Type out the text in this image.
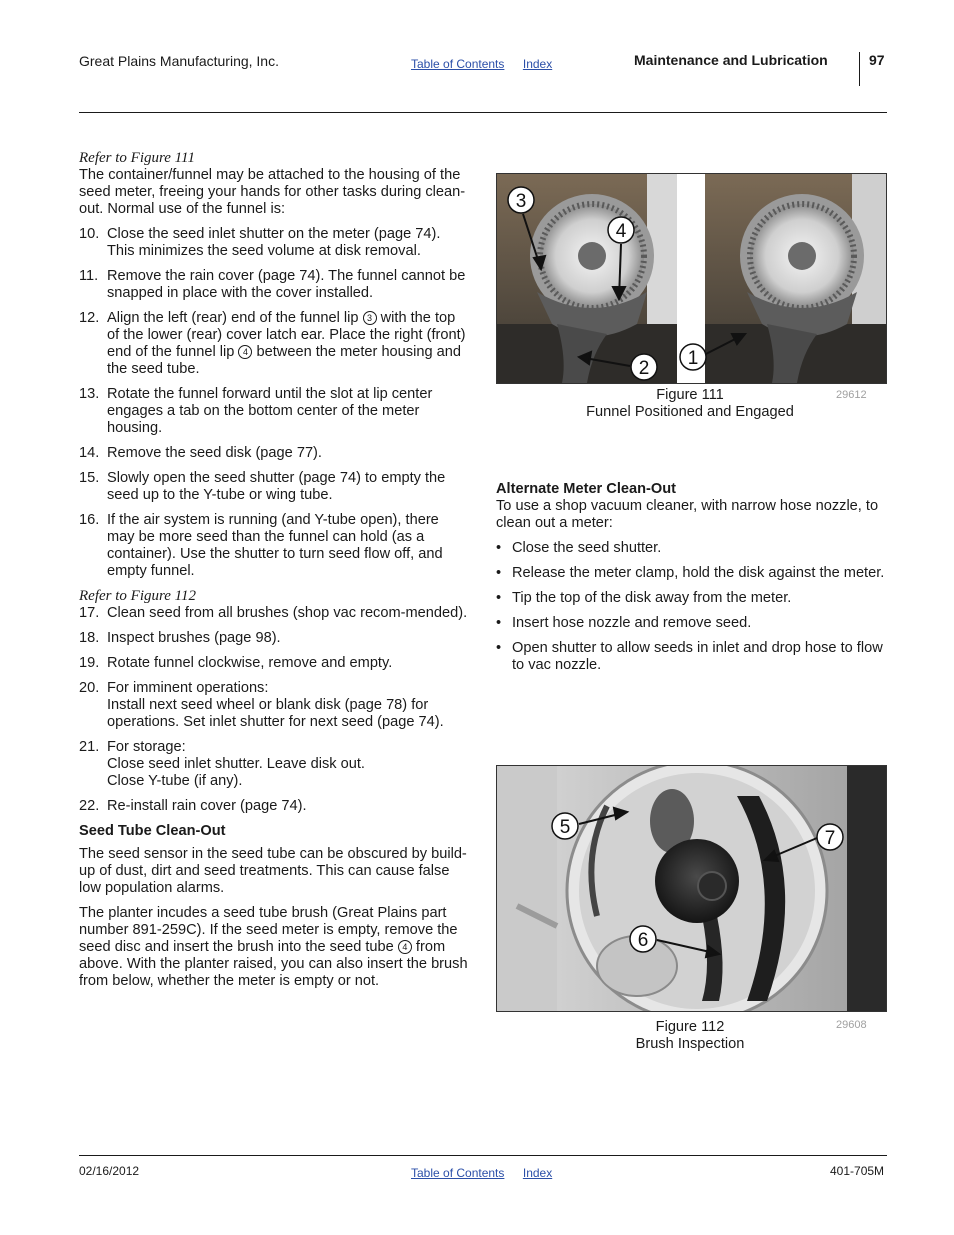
Great Plains Manufacturing, Inc.	Table of Contents Index	Maintenance and Lubrication	97
Refer to Figure 111

The container/funnel may be attached to the housing of the seed meter, freeing your hands for other tasks during clean-out. Normal use of the funnel is:

10. Close the seed inlet shutter on the meter (page 74). This minimizes the seed volume at disk removal.
11. Remove the rain cover (page 74). The funnel cannot be snapped in place with the cover installed.
12. Align the left (rear) end of the funnel lip 3 with the top of the lower (rear) cover latch ear. Place the right (front) end of the funnel lip 4 between the meter housing and the seed tube.
13. Rotate the funnel forward until the slot at lip center engages a tab on the bottom center of the meter housing.
14. Remove the seed disk (page 77).
15. Slowly open the seed shutter (page 74) to empty the seed up to the Y-tube or wing tube.
16. If the air system is running (and Y-tube open), there may be more seed than the funnel can hold (as a container). Use the shutter to turn seed flow off, and empty funnel.
Refer to Figure 112
17. Clean seed from all brushes (shop vac recom-mended).
18. Inspect brushes (page 98).
19. Rotate funnel clockwise, remove and empty.
20. For imminent operations:
Install next seed wheel or blank disk (page 78) for operations. Set inlet shutter for next seed (page 74).
21. For storage:
Close seed inlet shutter. Leave disk out.
Close Y-tube (if any).
22. Re-install rain cover (page 74).
Seed Tube Clean-Out

The seed sensor in the seed tube can be obscured by build-up of dust, dirt and seed treatments. This can cause false low population alarms.

The planter incudes a seed tube brush (Great Plains part number 891-259C). If the seed meter is empty, remove the seed disc and insert the brush into the seed tube 4 from above. With the planter raised, you can also insert the brush from below, whether the meter is empty or not.

3
4
2 1
Figure 111
Funnel Positioned and Engaged
29612
Alternate Meter Clean-Out

To use a shop vacuum cleaner, with narrow hose nozzle, to clean out a meter:

• Close the seed shutter.
• Release the meter clamp, hold the disk against the meter.
• Tip the top of the disk away from the meter.
• Insert hose nozzle and remove seed.
• Open shutter to allow seeds in inlet and drop hose to flow to vac nozzle.
5
7
6
Figure 112
Brush Inspection
29608
02/16/2012	Table of Contents Index	401-705M
